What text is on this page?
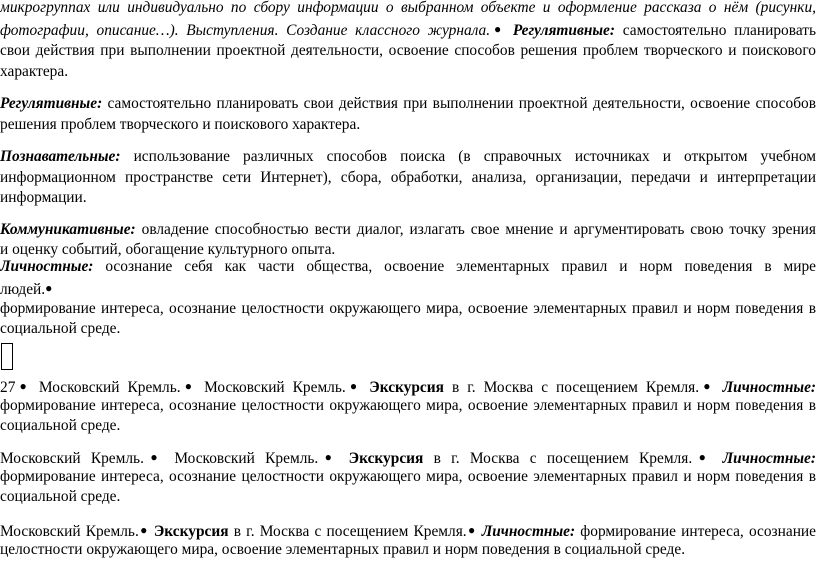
микрогруппах или индивидуально по сбору информации о выбранном объекте и оформление рассказа о нём (рисунки,

фотографии, описание…). Выступления. Создание классного журнала.● Регулятивные: самостоятельно планировать

свои действия при выполнении проектной деятельности, освоение способов решения проблем творческого и поискового

характера.

Регулятивные: самостоятельно планировать свои действия при выполнении проектной деятельности, освоение способов

решения проблем творческого и поискового характера.

Познавательные: использование различных способов поиска (в справочных источниках и открытом учебном

информационном пространстве сети Интернет), сбора, обработки, анализа, организации, передачи и интерпретации

информации.

Коммуникативные: овладение способностью вести диалог, излагать свое мнение и аргументировать свою точку зрения

и оценку событий, обогащение культурного опыта.

Личностные: осознание себя как части общества, освоение элементарных правил и норм поведения в мире

людей.●

формирование интереса, осознание целостности окружающего мира, освоение элементарных правил и норм поведения в

социальной среде.

27● Московский Кремль.● Московский Кремль.● Экскурсия в г. Москва с посещением Кремля.● Личностные:

формирование интереса, осознание целостности окружающего мира, освоение элементарных правил и норм поведения в

социальной среде.

Московский Кремль.● Московский Кремль.● Экскурсия в г. Москва с посещением Кремля.● Личностные:

формирование интереса, осознание целостности окружающего мира, освоение элементарных правил и норм поведения в

социальной среде.

Московский Кремль.● Экскурсия в г. Москва с посещением Кремля.● Личностные: формирование интереса, осознание

целостности окружающего мира, освоение элементарных правил и норм поведения в социальной среде.
